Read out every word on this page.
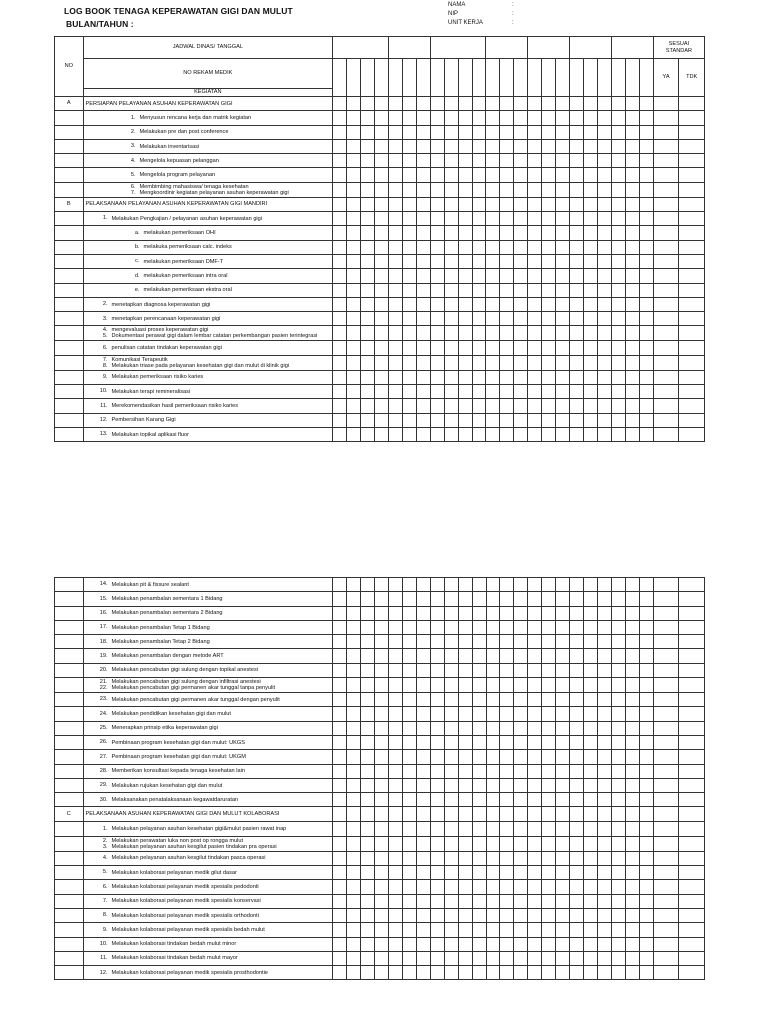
LOG BOOK TENAGA KEPERAWATAN GIGI DAN MULUT
BULAN/TAHUN :
NAMA	:
NIP	:
UNIT KERJA	:
NO	JADWAL DINAS/ TANGGAL																								SESUAI STANDAR	
	NO REKAM MEDIK																								YA	TDK
	KEGIATAN																									
A	PERSIAPAN PELAYANAN ASUHAN KEPERAWATAN GIGI																									

	1. Menyusun rencana kerja dan matrik kegiatan																									

	2. Melakukan pre dan post conference																									

	3. Melakukan inventarisasi																									

	4. Mengelola kepuasan pelanggan																									

	5. Mengelola program pelayanan																									

	6. Membimbing mahasiswa/ tenaga kesehatan
7. Mengkoordinir kegiatan pelayanan asuhan keperawatan gigi																									

B	PELAKSANAAN PELAYANAN ASUHAN KEPERAWATAN GIGI MANDIRI																									

	1. Melakukan Pengkajian / pelayanan asuhan keperawatan gigi																									

	a. melakukan pemeriksaan OHI																									

	b. melakuka pemeriksaan calc. indeks																									

	c. melakukan pemeriksaan DMF-T																									

	d. melakukan pemeriksaan intra oral																									

	e. melakukan pemeriksaan ekstra oral																									

	2. menetapkan diagnosa keperawatan gigi																									

	3. menetapkan perencanaan keperawatan gigi																									

	4. mengevaluasi proses keperawatan gigi
5. Dokumentasi perawat gigi dalam lembar catatan perkembangan pasien terintegrasi																									

	6. penulisan catatan tindakan keperawatan gigi																									

	7. Komunikasi Terapeutik
8. Melakukan triase pada pelayanan kesehatan gigi dan mulut di klinik gigi																									

	9. Melakukan pemeriksaan risiko karies																									

	10. Melakukan terapi remineralisasi																									

	11. Merekomendasikan hasil pemeriksaan risiko karies																									

	12. Pembersihan Karang Gigi																									

	13. Melakukan topikal aplikasi fluor																									

	14. Melakukan pit & fissure sealant																									

	15. Melakukan penambalan sementara 1 Bidang																									

	16. Melakukan penambalan sementara 2 Bidang																									

	17. Melakukan penambalan Tetap 1 Bidang																									

	18. Melakukan penambalan Tetap 2 Bidang																									

	19. Melakukan penambalan dengan metode ART																									

	20. Melakukan pencabutan gigi sulung dengan topikal anestesi																									

	21. Melakukan pencabutan gigi sulung dengan infiltrasi anestesi
22. Melakukan pencabutan gigi permanen akar tunggal tanpa penyulit																									

	23. Melakukan pencabutan gigi permanen akar tunggal dengan penyulit																									

	24. Melakukan pendidikan kesehatan gigi dan mulut																									

	25. Menerapkan prinsip etika keperawatan gigi																									

	26. Pembinaan program kesehatan gigi dan mulut: UKGS																									

	27. Pembinaan program kesehatan gigi dan mulut: UKGM																									

	28. Memberikan konsultasi kepada tenaga kesehatan lain																									

	29. Melakukan rujukan kesehatan gigi dan mulut																									

	30. Melaksanakan penatalaksanaan kegawatdaruratan																									

C	PELAKSANAAN ASUHAN KEPERAWATAN GIGI DAN MULUT KOLABORASI																									

	1. Melakukan pelayanan asuhan kesehatan gigi&mulut pasien rawat inap																									

	2. Melakukan perawatan luka non post op rongga mulut
3. Melakukan pelayanan asuhan kesgilut pasien tindakan pra operasi																									

	4. Melakukan pelayanan asuhan kesgilut tindakan pasca operasi																									

	5. Melakukan kolaborasi pelayanan medik gilut dasar																									

	6. Melakukan kolaborasi pelayanan medik spesialis pedodonti																									

	7. Melakukan kolaborasi pelayanan medik spesialis konservasi																									

	8. Melakukan kolaborasi pelayanan medik spesialis orthodonti																									

	9. Melakukan kolaborasi pelayanan medik spesialis bedah mulut																									

	10. Melakukan kolaborasi tindakan bedah mulut minor																									

	11. Melakukan kolaborasi tindakan bedah mulut mayor																									

	12. Melakukan kolaborasi pelayanan medik spesialis prosthodontie																									
